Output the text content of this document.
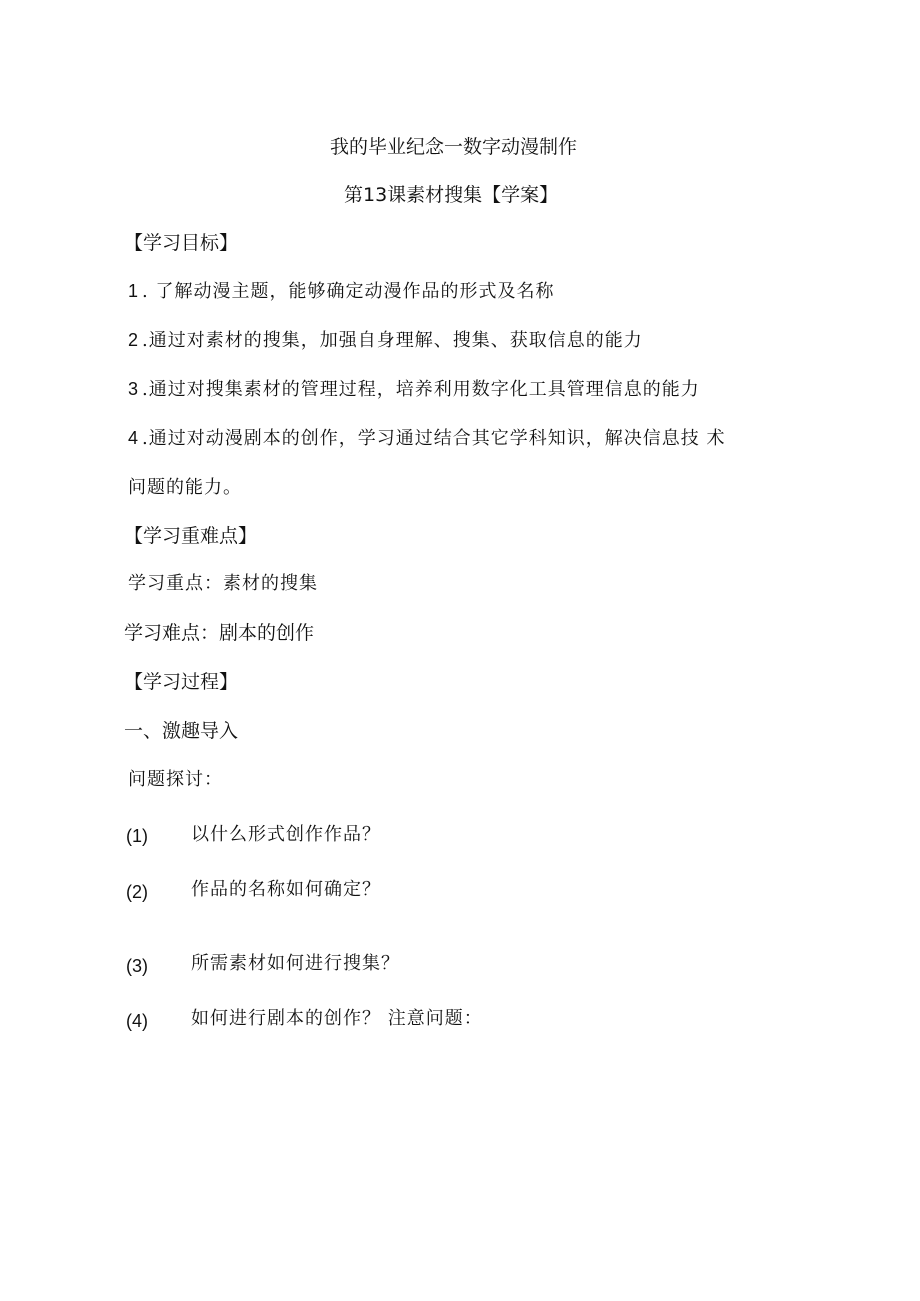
我的毕业纪念一数字动漫制作
第13课素材搜集【学案】
【学习目标】
1 . 了解动漫主题，能够确定动漫作品的形式及名称
2 .通过对素材的搜集，加强自身理解、搜集、获取信息的能力
3 .通过对搜集素材的管理过程，培养利用数字化工具管理信息的能力
4 .通过对动漫剧本的创作，学习通过结合其它学科知识，解决信息技 术
问题的能力。
【学习重难点】
学习重点：素材的搜集
学习难点：剧本的创作
【学习过程】
一、激趣导入
问题探讨：
(1) 以什么形式创作作品？
(2) 作品的名称如何确定？
(3) 所需素材如何进行搜集？
(4) 如何进行剧本的创作？ 注意问题：
